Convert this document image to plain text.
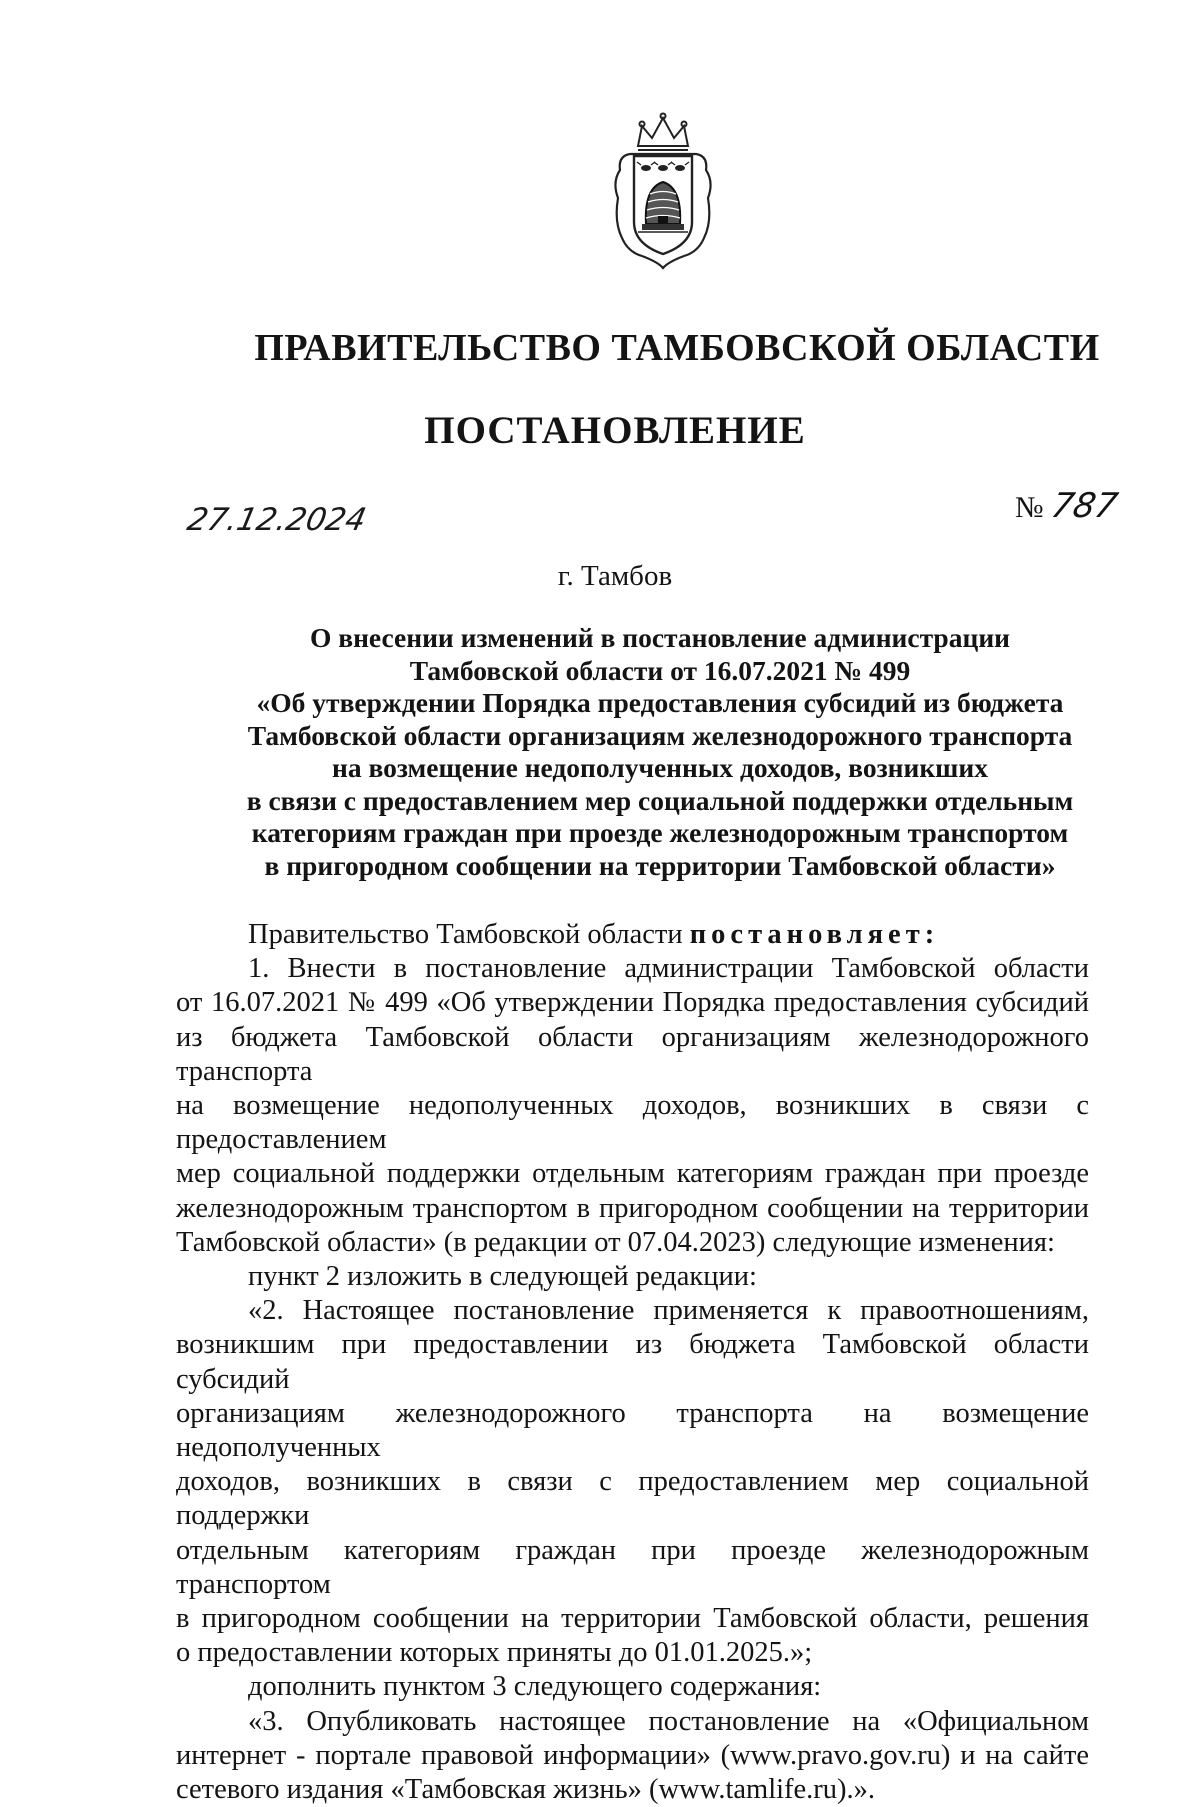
ПРАВИТЕЛЬСТВО ТАМБОВСКОЙ ОБЛАСТИ
ПОСТАНОВЛЕНИЕ
27.12.2024	№ 787
г. Тамбов
О внесении изменений в постановление администрации
Тамбовской области от 16.07.2021 № 499
«Об утверждении Порядка предоставления субсидий из бюджета
Тамбовской области организациям железнодорожного транспорта
на возмещение недополученных доходов, возникших
в связи с предоставлением мер социальной поддержки отдельным
категориям граждан при проезде железнодорожным транспортом
в пригородном сообщении на территории Тамбовской области»

Правительство Тамбовской области постановляет:

1. Внести в постановление администрации Тамбовской области
от 16.07.2021 № 499 «Об утверждении Порядка предоставления субсидий
из бюджета Тамбовской области организациям железнодорожного транспорта
на возмещение недополученных доходов, возникших в связи с предоставлением
мер социальной поддержки отдельным категориям граждан при проезде
железнодорожным транспортом в пригородном сообщении на территории
Тамбовской области» (в редакции от 07.04.2023) следующие изменения:

пункт 2 изложить в следующей редакции:

«2. Настоящее постановление применяется к правоотношениям,
возникшим при предоставлении из бюджета Тамбовской области субсидий
организациям железнодорожного транспорта на возмещение недополученных
доходов, возникших в связи с предоставлением мер социальной поддержки
отдельным категориям граждан при проезде железнодорожным транспортом
в пригородном сообщении на территории Тамбовской области, решения
о предоставлении которых приняты до 01.01.2025.»;

дополнить пунктом 3 следующего содержания:

«3. Опубликовать настоящее постановление на «Официальном
интернет - портале правовой информации» (www.pravo.gov.ru) и на сайте
сетевого издания «Тамбовская жизнь» (www.tamlife.ru).».
